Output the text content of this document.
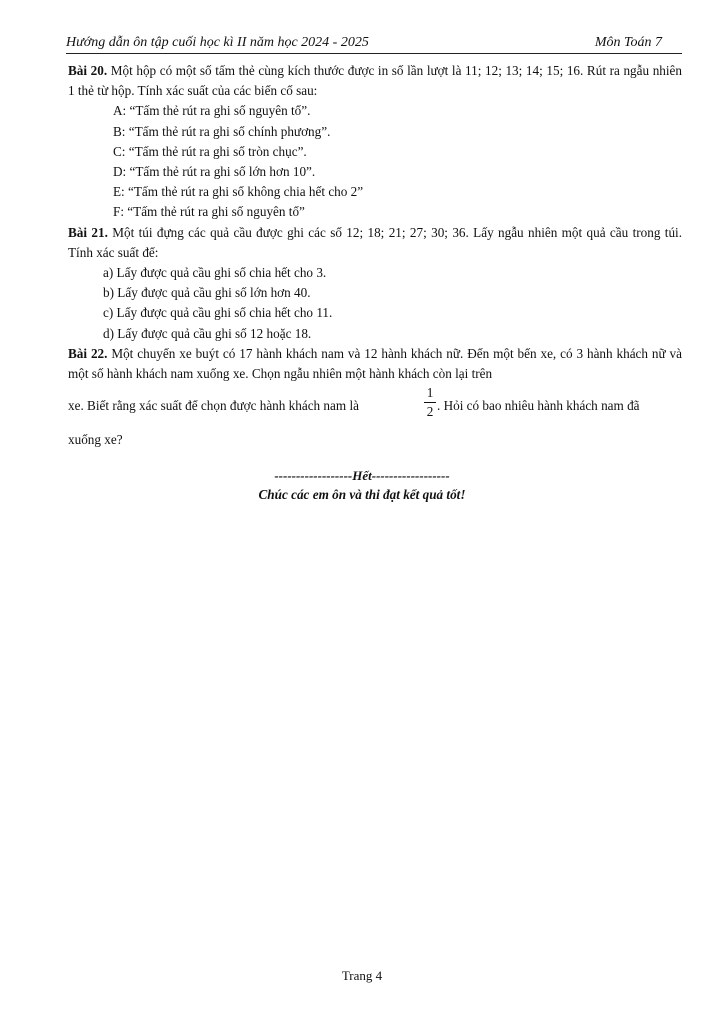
Hướng dẫn ôn tập cuối học kì II năm học 2024 - 2025	Môn Toán 7
Bài 20. Một hộp có một số tấm thẻ cùng kích thước được in số lần lượt là 11; 12; 13; 14; 15; 16. Rút ra ngẫu nhiên 1 thẻ từ hộp. Tính xác suất của các biến cố sau:
A: “Tấm thẻ rút ra ghi số nguyên tố”.
B: “Tấm thẻ rút ra ghi số chính phương”.
C: “Tấm thẻ rút ra ghi số tròn chục”.
D: “Tấm thẻ rút ra ghi số lớn hơn 10”.
E: “Tấm thẻ rút ra ghi số không chia hết cho 2”
F: “Tấm thẻ rút ra ghi số nguyên tố”
Bài 21. Một túi đựng các quả cầu được ghi các số 12; 18; 21; 27; 30; 36. Lấy ngẫu nhiên một quả cầu trong túi. Tính xác suất để:
a) Lấy được quả cầu ghi số chia hết cho 3.
b) Lấy được quả cầu ghi số lớn hơn 40.
c) Lấy được quả cầu ghi số chia hết cho 11.
d) Lấy được quả cầu ghi số 12 hoặc 18.
Bài 22. Một chuyến xe buýt có 17 hành khách nam và 12 hành khách nữ. Đến một bến xe, có 3 hành khách nữ và một số hành khách nam xuống xe. Chọn ngẫu nhiên một hành khách còn lại trên
xe. Biết rằng xác suất để chọn được hành khách nam là	$\frac{1}{2}$ . Hỏi có bao nhiêu hành khách nam đã
xuống xe?
------------------Hết------------------
Chúc các em ôn và thi đạt kết quả tốt!
Trang 4
